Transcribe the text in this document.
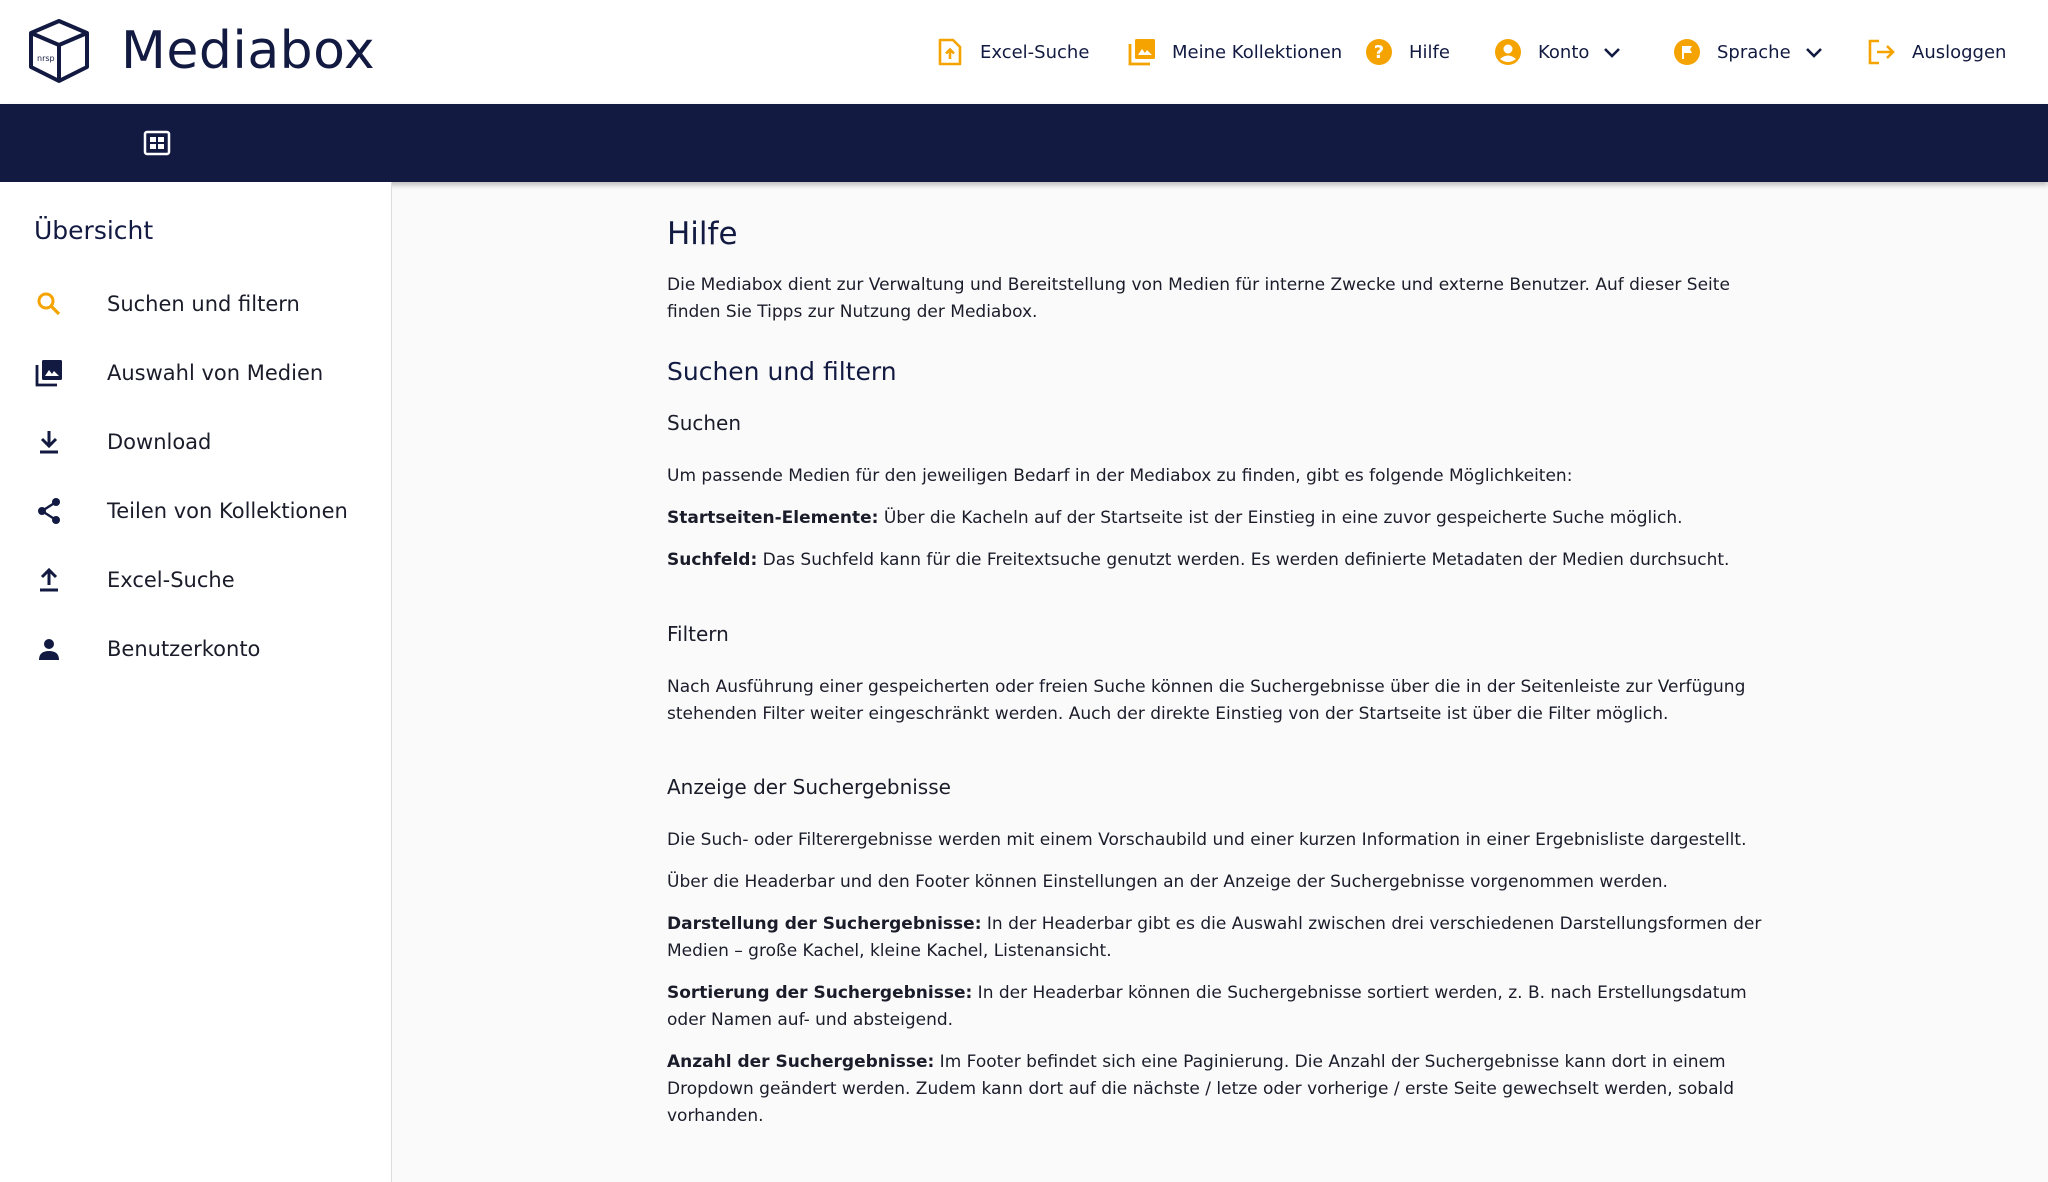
nrsp Mediabox	Excel-Suche	Meine Kollektionen ? Hilfe	Konto	Sprache	Ausloggen
Übersicht
Suchen und filtern
Auswahl von Medien
Download
Teilen von Kollektionen
Excel-Suche
Benutzerkonto
Hilfe
Die Mediabox dient zur Verwaltung und Bereitstellung von Medien für interne Zwecke und externe Benutzer. Auf dieser Seite finden Sie Tipps zur Nutzung der Mediabox.
Suchen und filtern
Suchen
Um passende Medien für den jeweiligen Bedarf in der Mediabox zu finden, gibt es folgende Möglichkeiten:
Startseiten-Elemente: Über die Kacheln auf der Startseite ist der Einstieg in eine zuvor gespeicherte Suche möglich.
Suchfeld: Das Suchfeld kann für die Freitextsuche genutzt werden. Es werden definierte Metadaten der Medien durchsucht.
Filtern
Nach Ausführung einer gespeicherten oder freien Suche können die Suchergebnisse über die in der Seitenleiste zur Verfügung stehenden Filter weiter eingeschränkt werden. Auch der direkte Einstieg von der Startseite ist über die Filter möglich.
Anzeige der Suchergebnisse
Die Such- oder Filterergebnisse werden mit einem Vorschaubild und einer kurzen Information in einer Ergebnisliste dargestellt.
Über die Headerbar und den Footer können Einstellungen an der Anzeige der Suchergebnisse vorgenommen werden.
Darstellung der Suchergebnisse: In der Headerbar gibt es die Auswahl zwischen drei verschiedenen Darstellungsformen der Medien – große Kachel, kleine Kachel, Listenansicht.
Sortierung der Suchergebnisse: In der Headerbar können die Suchergebnisse sortiert werden, z. B. nach Erstellungsdatum oder Namen auf- und absteigend.
Anzahl der Suchergebnisse: Im Footer befindet sich eine Paginierung. Die Anzahl der Suchergebnisse kann dort in einem Dropdown geändert werden. Zudem kann dort auf die nächste / letze oder vorherige / erste Seite gewechselt werden, sobald vorhanden.
